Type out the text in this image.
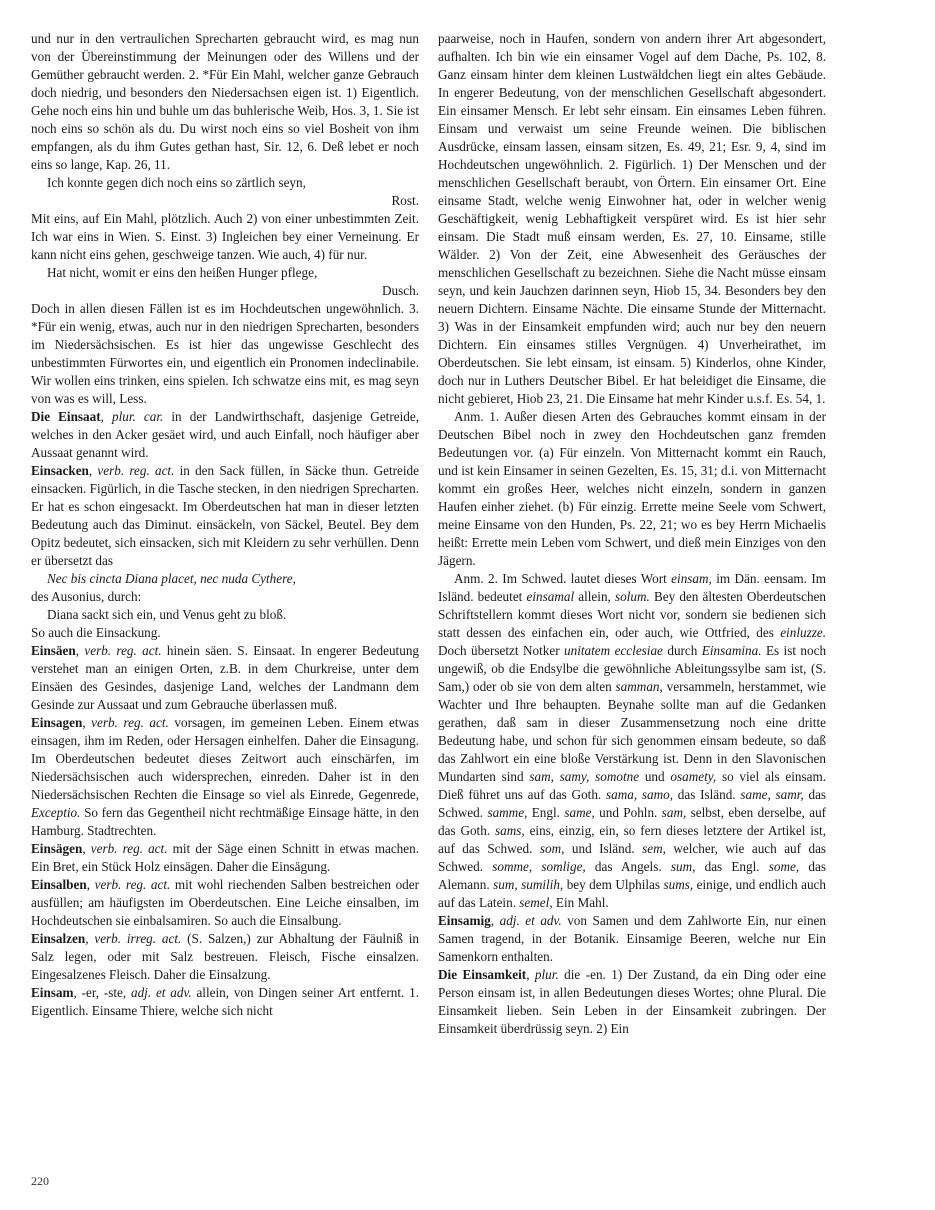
und nur in den vertraulichen Sprecharten gebraucht wird, es mag nun von der Übereinstimmung der Meinungen oder des Willens und der Gemüther gebraucht werden. 2. *Für Ein Mahl, welcher ganze Gebrauch doch niedrig, und besonders den Niedersachsen eigen ist. 1) Eigentlich. Gehe noch eins hin und buhle um das buhlerische Weib, Hos. 3, 1. Sie ist noch eins so schön als du. Du wirst noch eins so viel Bosheit von ihm empfangen, als du ihm Gutes gethan hast, Sir. 12, 6. Deß lebet er noch eins so lange, Kap. 26, 11.

Ich konnte gegen dich noch eins so zärtlich seyn,

Rost.

Mit eins, auf Ein Mahl, plötzlich. Auch 2) von einer unbestimmten Zeit. Ich war eins in Wien. S. Einst. 3) Ingleichen bey einer Verneinung. Er kann nicht eins gehen, geschweige tanzen. Wie auch, 4) für nur.

Hat nicht, womit er eins den heißen Hunger pflege,

Dusch.

Doch in allen diesen Fällen ist es im Hochdeutschen ungewöhnlich. 3. *Für ein wenig, etwas, auch nur in den niedrigen Sprecharten, besonders im Niedersächsischen. Es ist hier das ungewisse Geschlecht des unbestimmten Fürwortes ein, und eigentlich ein Pronomen indeclinabile. Wir wollen eins trinken, eins spielen. Ich schwatze eins mit, es mag seyn von was es will, Less.

Die Einsaat, plur. car. in der Landwirthschaft, dasjenige Getreide, welches in den Acker gesäet wird, und auch Einfall, noch häufiger aber Aussaat genannt wird.

Einsacken, verb. reg. act. in den Sack füllen, in Säcke thun. Getreide einsacken. Figürlich, in die Tasche stecken, in den niedrigen Sprecharten. Er hat es schon eingesackt. Im Oberdeutschen hat man in dieser letzten Bedeutung auch das Diminut. einsäckeln, von Säckel, Beutel. Bey dem Opitz bedeutet, sich einsacken, sich mit Kleidern zu sehr verhüllen. Denn er übersetzt das

Nec bis cincta Diana placet, nec nuda Cythere,

des Ausonius, durch:

Diana sackt sich ein, und Venus geht zu bloß.

So auch die Einsackung.

Einsäen, verb. reg. act. hinein säen. S. Einsaat. In engerer Bedeutung verstehet man an einigen Orten, z.B. in dem Churkreise, unter dem Einsäen des Gesindes, dasjenige Land, welches der Landmann dem Gesinde zur Aussaat und zum Gebrauche überlassen muß.

Einsagen, verb. reg. act. vorsagen, im gemeinen Leben. Einem etwas einsagen, ihm im Reden, oder Hersagen einhelfen. Daher die Einsagung. Im Oberdeutschen bedeutet dieses Zeitwort auch einschärfen, im Niedersächsischen auch widersprechen, einreden. Daher ist in den Niedersächsischen Rechten die Einsage so viel als Einrede, Gegenrede, Exceptio. So fern das Gegentheil nicht rechtmäßige Einsage hätte, in den Hamburg. Stadtrechten.

Einsägen, verb. reg. act. mit der Säge einen Schnitt in etwas machen. Ein Bret, ein Stück Holz einsägen. Daher die Einsägung.

Einsalben, verb. reg. act. mit wohl riechenden Salben bestreichen oder ausfüllen; am häufigsten im Oberdeutschen. Eine Leiche einsalben, im Hochdeutschen sie einbalsamiren. So auch die Einsalbung.

Einsalzen, verb. irreg. act. (S. Salzen,) zur Abhaltung der Fäulniß in Salz legen, oder mit Salz bestreuen. Fleisch, Fische einsalzen. Eingesalzenes Fleisch. Daher die Einsalzung.

Einsam, -er, -ste, adj. et adv. allein, von Dingen seiner Art entfernt. 1. Eigentlich. Einsame Thiere, welche sich nicht

paarweise, noch in Haufen, sondern von andern ihrer Art abgesondert, aufhalten. Ich bin wie ein einsamer Vogel auf dem Dache, Ps. 102, 8. Ganz einsam hinter dem kleinen Lustwäldchen liegt ein altes Gebäude. In engerer Bedeutung, von der menschlichen Gesellschaft abgesondert. Ein einsamer Mensch. Er lebt sehr einsam. Ein einsames Leben führen. Einsam und verwaist um seine Freunde weinen. Die biblischen Ausdrücke, einsam lassen, einsam sitzen, Es. 49, 21; Esr. 9, 4, sind im Hochdeutschen ungewöhnlich. 2. Figürlich. 1) Der Menschen und der menschlichen Gesellschaft beraubt, von Örtern. Ein einsamer Ort. Eine einsame Stadt, welche wenig Einwohner hat, oder in welcher wenig Geschäftigkeit, wenig Lebhaftigkeit verspüret wird. Es ist hier sehr einsam. Die Stadt muß einsam werden, Es. 27, 10. Einsame, stille Wälder. 2) Von der Zeit, eine Abwesenheit des Geräusches der menschlichen Gesellschaft zu bezeichnen. Siehe die Nacht müsse einsam seyn, und kein Jauchzen darinnen seyn, Hiob 15, 34. Besonders bey den neuern Dichtern. Einsame Nächte. Die einsame Stunde der Mitternacht. 3) Was in der Einsamkeit empfunden wird; auch nur bey den neuern Dichtern. Ein einsames stilles Vergnügen. 4) Unverheirathet, im Oberdeutschen. Sie lebt einsam, ist einsam. 5) Kinderlos, ohne Kinder, doch nur in Luthers Deutscher Bibel. Er hat beleidiget die Einsame, die nicht gebieret, Hiob 23, 21. Die Einsame hat mehr Kinder u.s.f. Es. 54, 1.

Anm. 1. Außer diesen Arten des Gebrauches kommt einsam in der Deutschen Bibel noch in zwey den Hochdeutschen ganz fremden Bedeutungen vor. (a) Für einzeln. Von Mitternacht kommt ein Rauch, und ist kein Einsamer in seinen Gezelten, Es. 15, 31; d.i. von Mitternacht kommt ein großes Heer, welches nicht einzeln, sondern in ganzen Haufen einher ziehet. (b) Für einzig. Errette meine Seele vom Schwert, meine Einsame von den Hunden, Ps. 22, 21; wo es bey Herrn Michaelis heißt: Errette mein Leben vom Schwert, und dieß mein Einziges von den Jägern.

Anm. 2. Im Schwed. lautet dieses Wort einsam, im Dän. eensam. Im Isländ. bedeutet einsamal allein, solum. Bey den ältesten Oberdeutschen Schriftstellern kommt dieses Wort nicht vor, sondern sie bedienen sich statt dessen des einfachen ein, oder auch, wie Ottfried, des einluzze. Doch übersetzt Notker unitatem ecclesiae durch Einsamina. Es ist noch ungewiß, ob die Endsylbe die gewöhnliche Ableitungssylbe sam ist, (S. Sam,) oder ob sie von dem alten samman, versammeln, herstammet, wie Wachter und Ihre behaupten. Beynahe sollte man auf die Gedanken gerathen, daß sam in dieser Zusammensetzung noch eine dritte Bedeutung habe, und schon für sich genommen einsam bedeute, so daß das Zahlwort ein eine bloße Verstärkung ist. Denn in den Slavonischen Mundarten sind sam, samy, somotne und osamety, so viel als einsam. Dieß führet uns auf das Goth. sama, samo, das Isländ. same, samr, das Schwed. samme, Engl. same, und Pohln. sam, selbst, eben derselbe, auf das Goth. sams, eins, einzig, ein, so fern dieses letztere der Artikel ist, auf das Schwed. som, und Isländ. sem, welcher, wie auch auf das Schwed. somme, somlige, das Angels. sum, das Engl. some, das Alemann. sum, sumilih, bey dem Ulphilas sums, einige, und endlich auch auf das Latein. semel, Ein Mahl.

Einsamig, adj. et adv. von Samen und dem Zahlworte Ein, nur einen Samen tragend, in der Botanik. Einsamige Beeren, welche nur Ein Samenkorn enthalten.

Die Einsamkeit, plur. die -en. 1) Der Zustand, da ein Ding oder eine Person einsam ist, in allen Bedeutungen dieses Wortes; ohne Plural. Die Einsamkeit lieben. Sein Leben in der Einsamkeit zubringen. Der Einsamkeit überdrüssig seyn. 2) Ein

220
